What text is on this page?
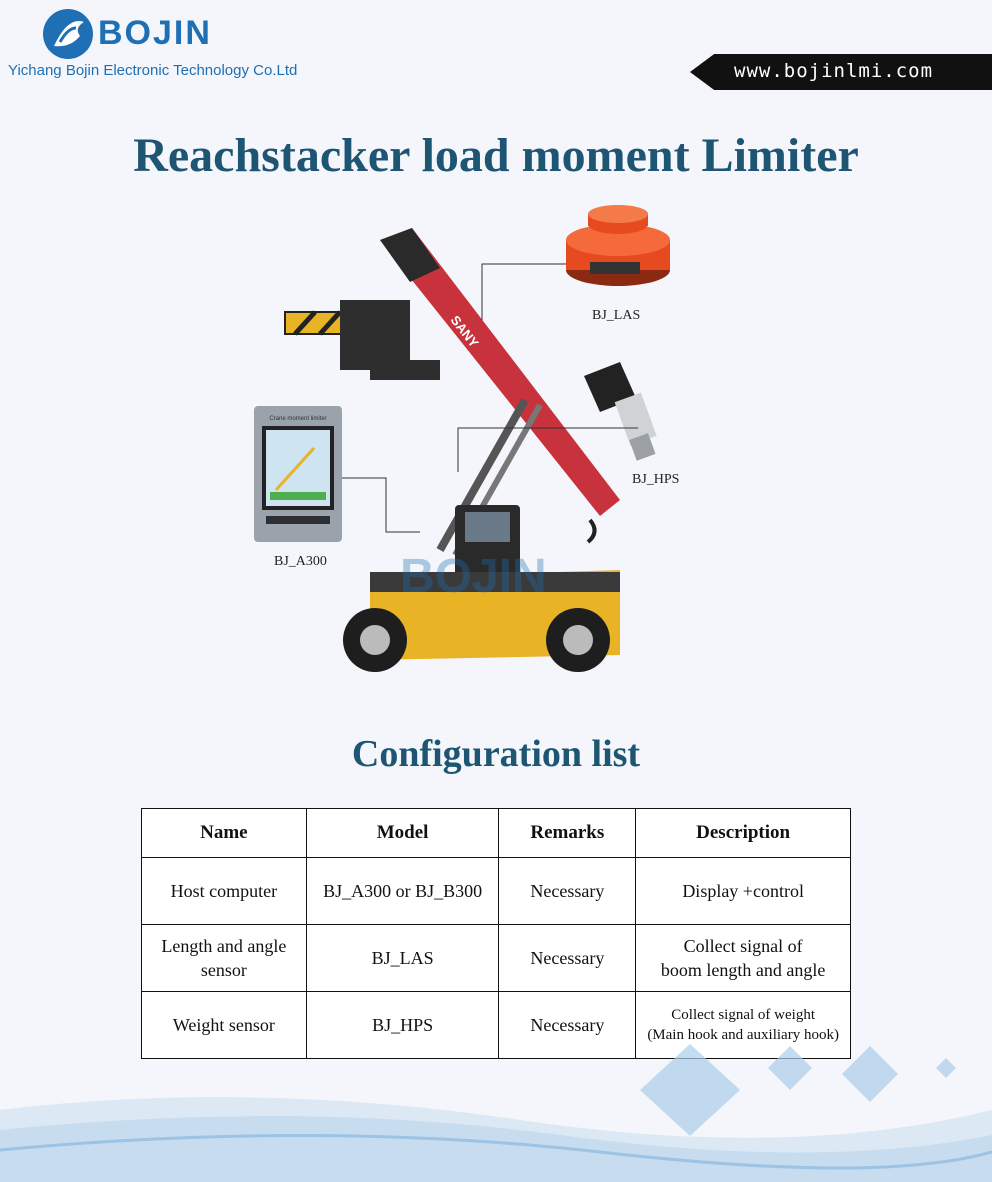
BOJIN
Yichang Bojin Electronic Technology Co.Ltd	www.bojinlmi.com
Reachstacker load moment Limiter
SANY
Crane moment limiter
BOJIN
BJ_LAS
BJ_HPS
BJ_A300
Configuration list
Name	Model	Remarks	Description
Host computer	BJ_A300 or BJ_B300	Necessary	Display +control
Length and angle sensor	BJ_LAS	Necessary	Collect signal of
boom length and angle
Weight sensor	BJ_HPS	Necessary	Collect signal of weight
(Main hook and auxiliary hook)
